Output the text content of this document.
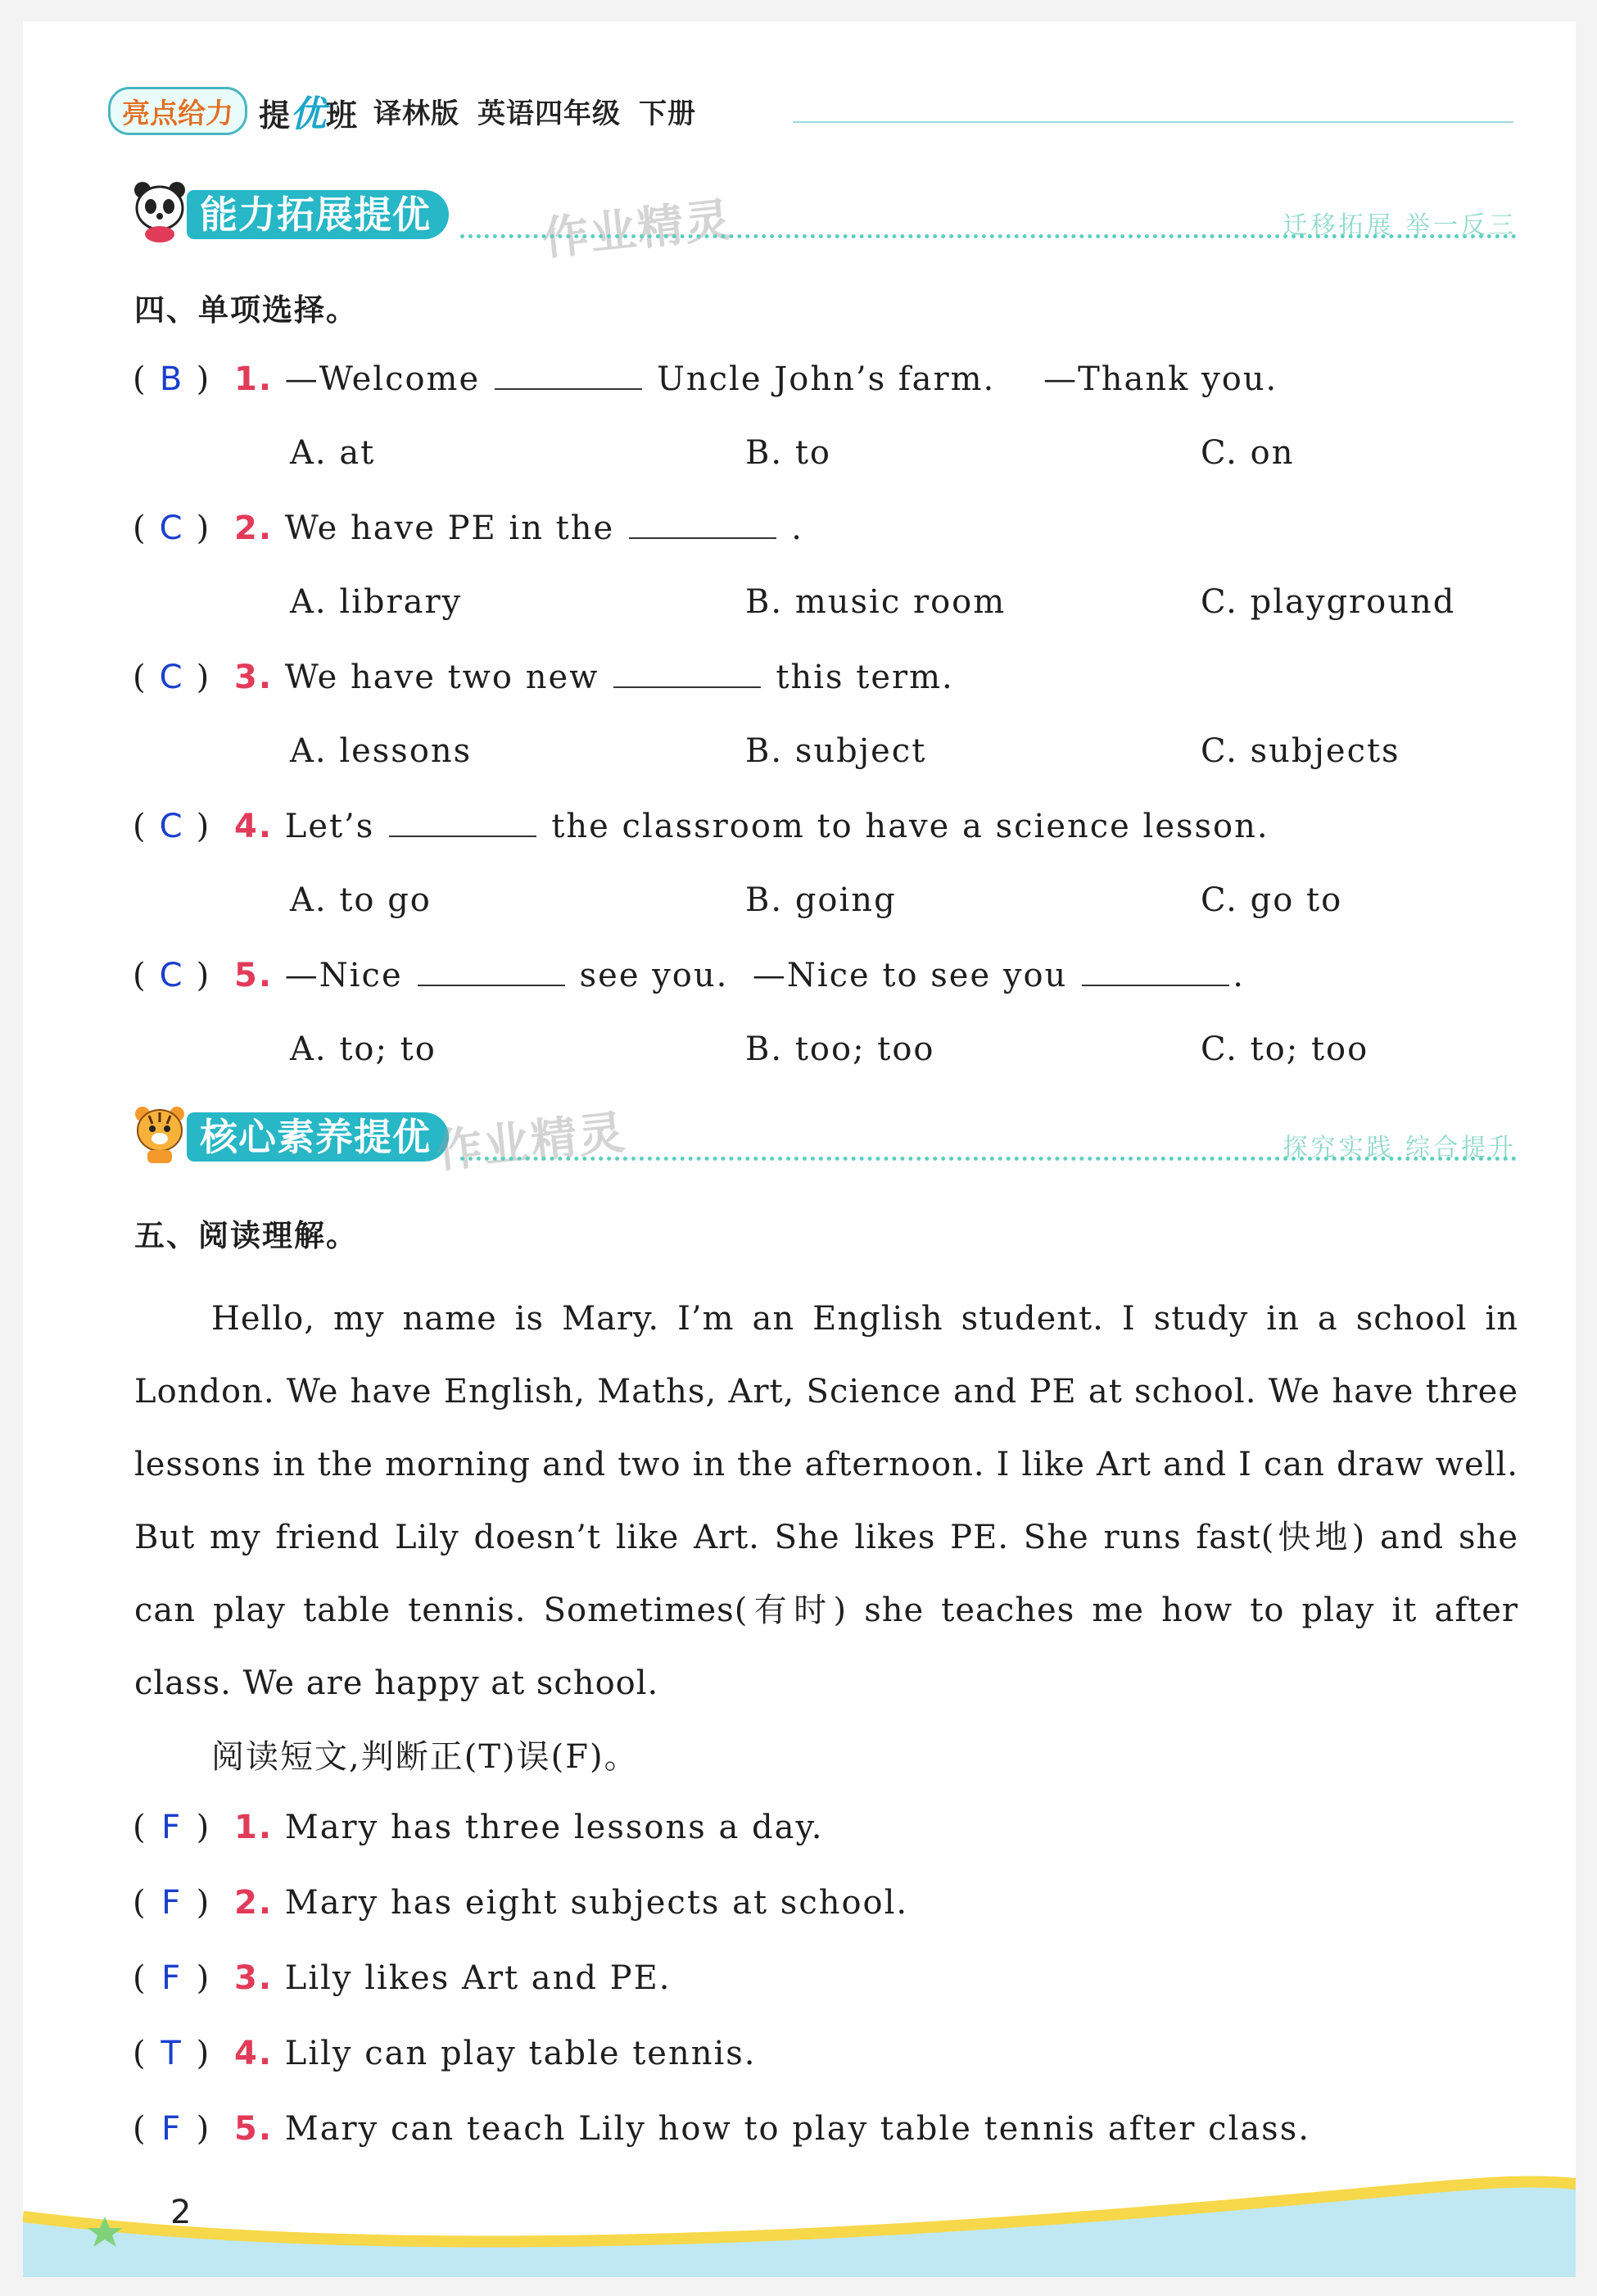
亮点给力 提优班 译林版 英语四年级 下册
能力拓展提优	作业精灵	迁移拓展 举一反三
四、单项选择。
( B ) 1. —Welcome	Uncle John’s farm. —Thank you.
A. at	B. to	C. on
( C ) 2. We have PE in the	.
A. library	B. music room	C. playground
( C ) 3. We have two new	this term.
A. lessons	B. subject	C. subjects
( C ) 4. Let’s	the classroom to have a science lesson.
A. to go	B. going	C. go to
( C ) 5. —Nice	see you. —Nice to see you	.
A. to; to	B. too; too	C. to; too
核心素养提优 作业精灵	探究实践 综合提升
五、阅读理解。

Hello, my name is Mary. I’m an English student. I study in a school in London. We have English, Maths, Art, Science and PE at school. We have three lessons in the morning and two in the afternoon. I like Art and I can draw well. But my friend Lily doesn’t like Art. She likes PE. She runs fast(快地) and she can play table tennis. Sometimes(有时) she teaches me how to play it after class. We are happy at school.

阅读短文,判断正(T)误(F)。
( F ) 1. Mary has three lessons a day.
( F ) 2. Mary has eight subjects at school.
( F ) 3. Lily likes Art and PE.
( T ) 4. Lily can play table tennis.
( F ) 5. Mary can teach Lily how to play table tennis after class.
2
